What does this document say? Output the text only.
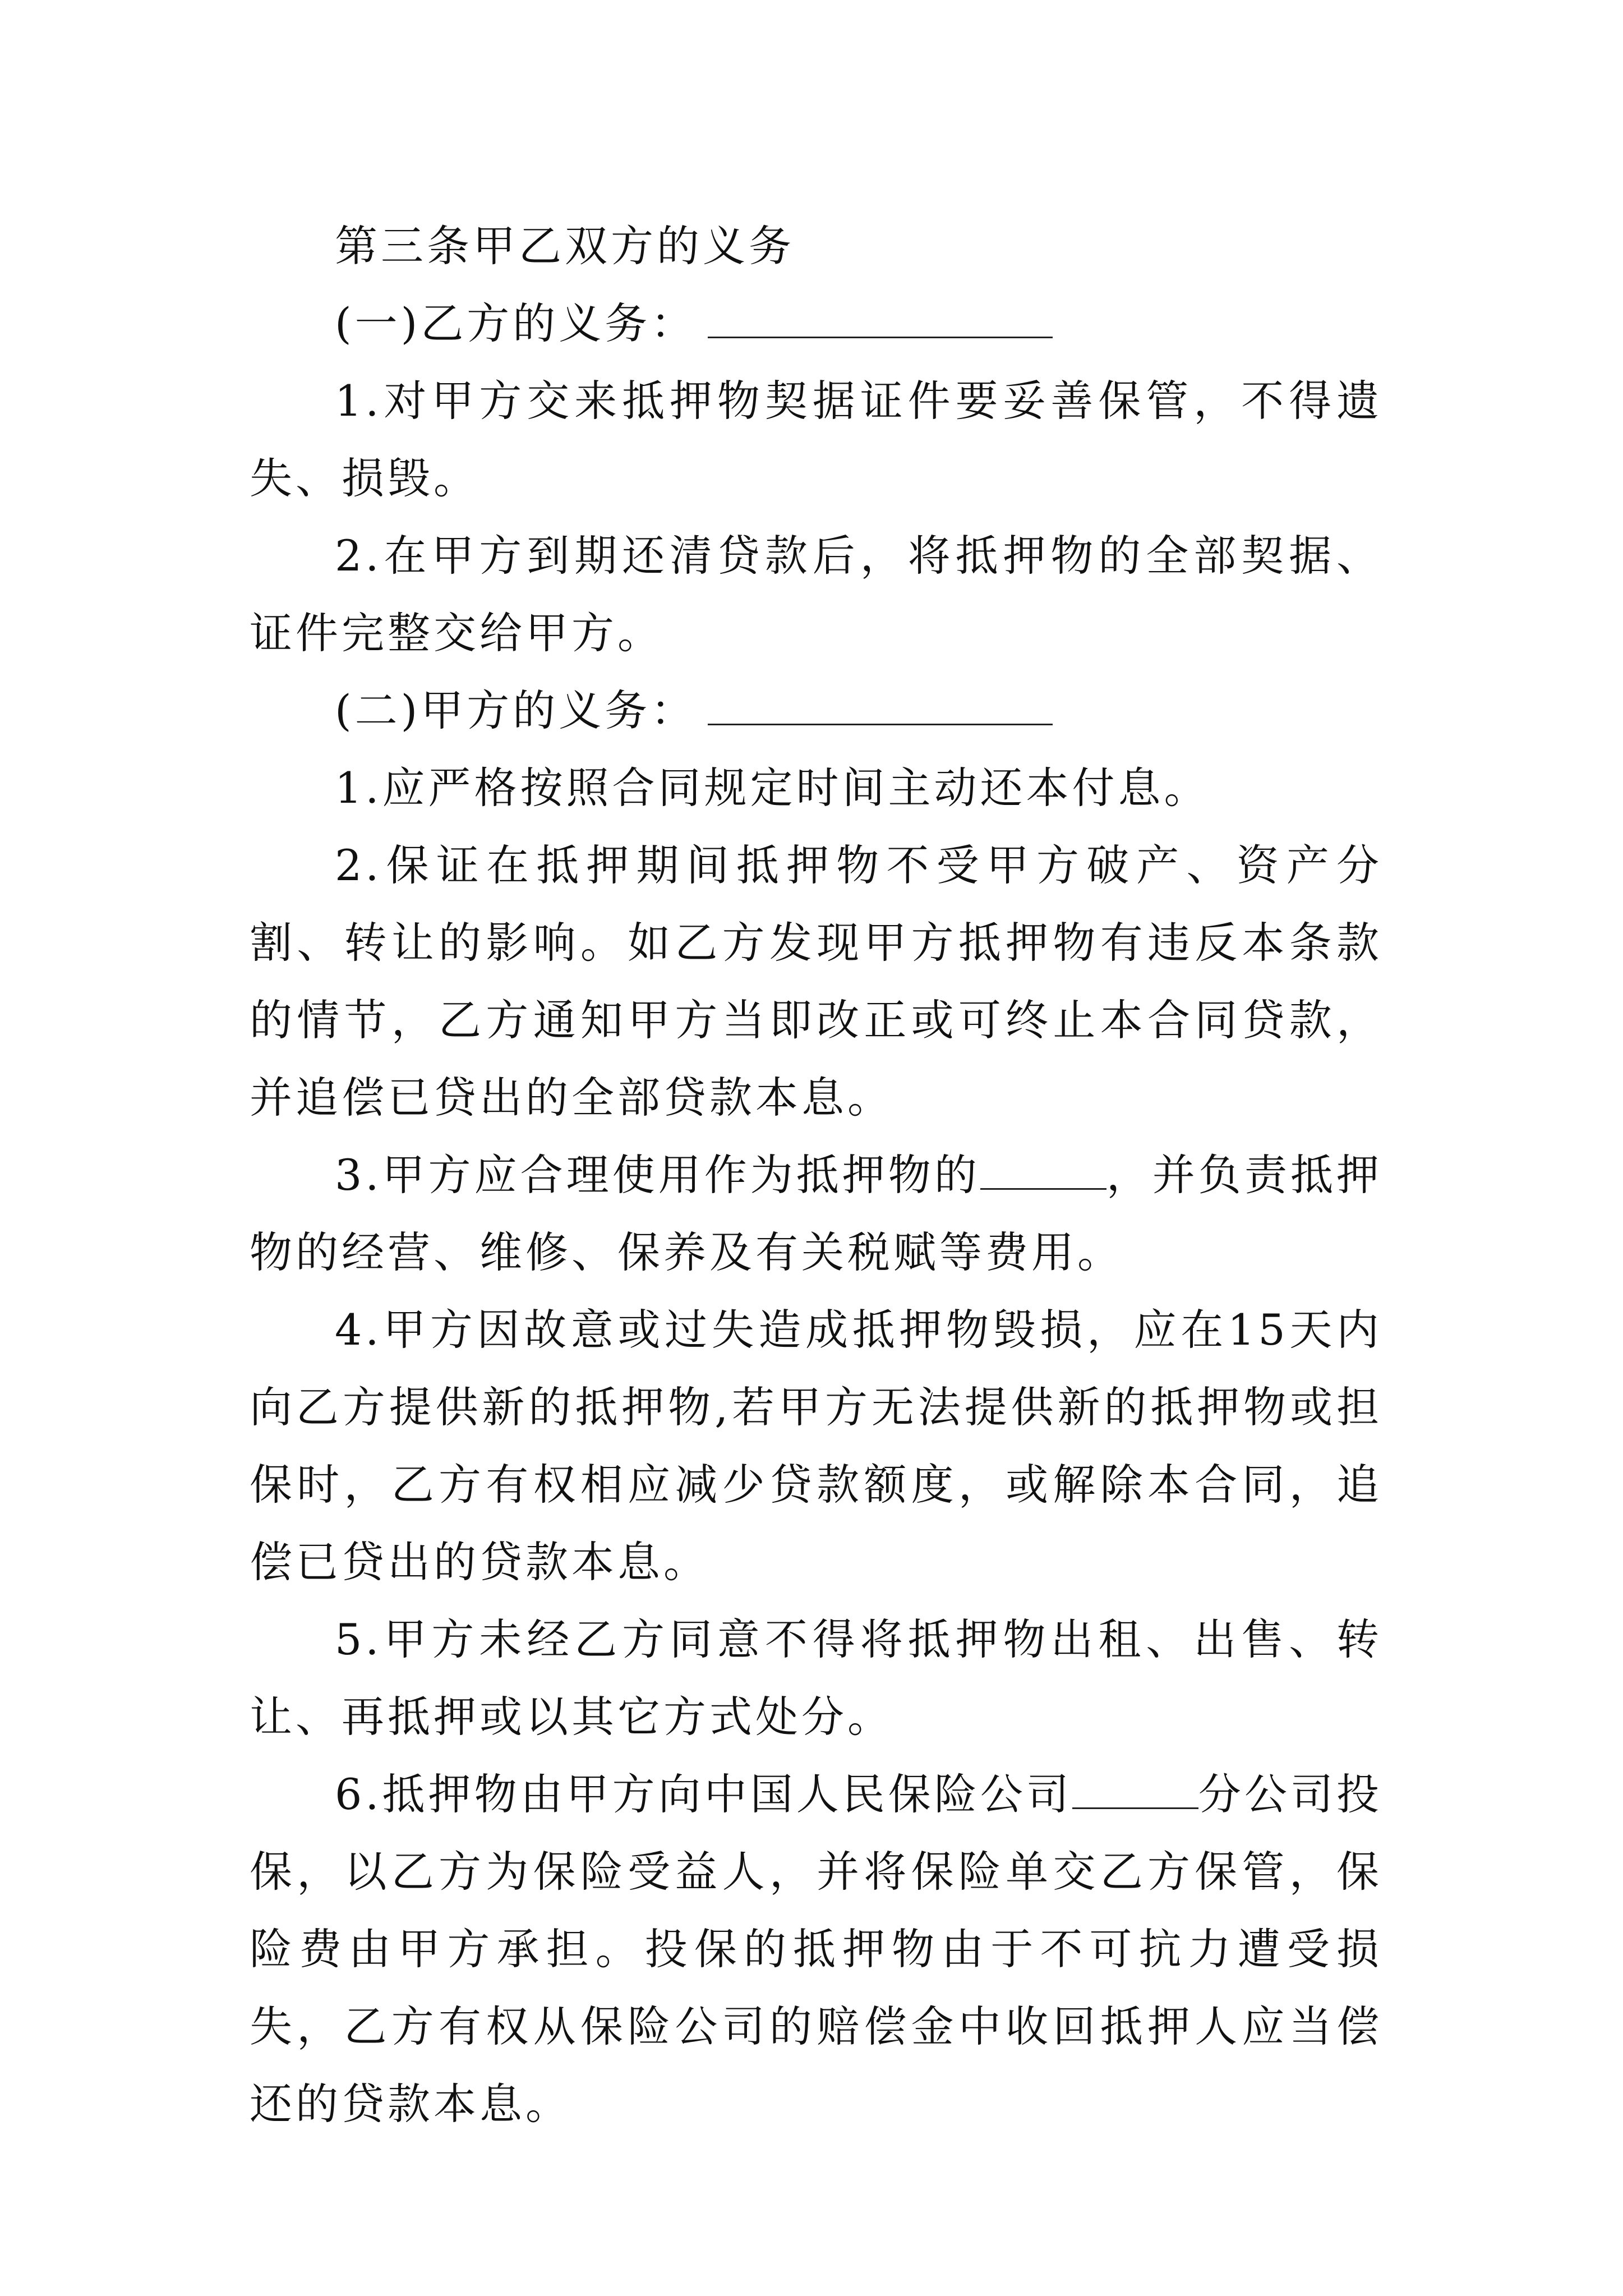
第三条甲乙双方的义务

(一)乙方的义务：

1.对甲方交来抵押物契据证件要妥善保管，不得遗失、损毁。

2.在甲方到期还清贷款后，将抵押物的全部契据、证件完整交给甲方。

(二)甲方的义务：

1.应严格按照合同规定时间主动还本付息。

2.保证在抵押期间抵押物不受甲方破产、资产分割、转让的影响。如乙方发现甲方抵押物有违反本条款的情节，乙方通知甲方当即改正或可终止本合同贷款，并追偿已贷出的全部贷款本息。

3.甲方应合理使用作为抵押物的	，并负责抵押物的经营、维修、保养及有关税赋等费用。

4.甲方因故意或过失造成抵押物毁损，应在15天内向乙方提供新的抵押物,若甲方无法提供新的抵押物或担保时，乙方有权相应减少贷款额度，或解除本合同，追偿已贷出的贷款本息。

5.甲方未经乙方同意不得将抵押物出租、出售、转让、再抵押或以其它方式处分。

6.抵押物由甲方向中国人民保险公司	分公司投保，以乙方为保险受益人，并将保险单交乙方保管，保险费由甲方承担。投保的抵押物由于不可抗力遭受损失，乙方有权从保险公司的赔偿金中收回抵押人应当偿还的贷款本息。
